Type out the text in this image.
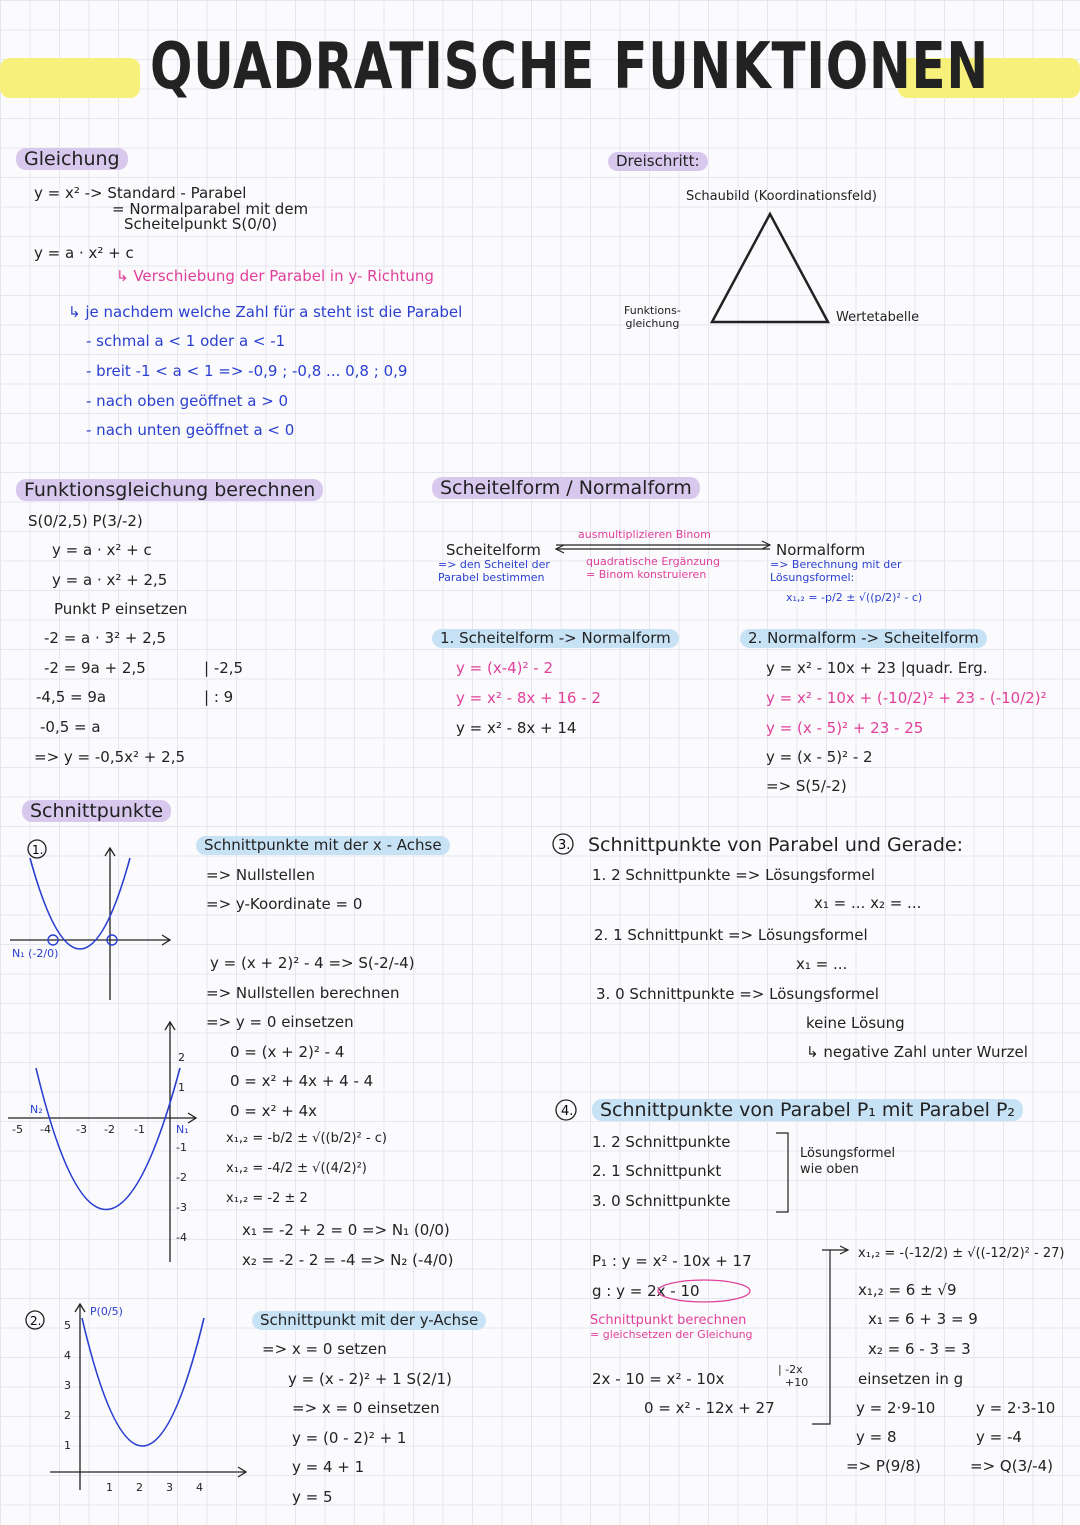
QUADRATISCHE FUNKTIONEN
Gleichung
y = x² -> Standard - Parabel
= Normalparabel mit dem
Scheitelpunkt S(0/0)
y = a · x² + c
↳ Verschiebung der Parabel in y- Richtung
↳ je nachdem welche Zahl für a steht ist die Parabel
- schmal a < 1 oder a < -1
- breit -1 < a < 1 => -0,9 ; -0,8 ... 0,8 ; 0,9
- nach oben geöffnet a > 0
- nach unten geöffnet a < 0
Dreischritt:
Schaubild (Koordinationsfeld)
Funktions-
gleichung	Wertetabelle
Funktionsgleichung berechnen
S(0/2,5) P(3/-2)
y = a · x² + c
y = a · x² + 2,5
Punkt P einsetzen
-2 = a · 3² + 2,5
-2 = 9a + 2,5
-4,5 = 9a
-0,5 = a
=> y = -0,5x² + 2,5
| -2,5
| : 9
Scheitelform / Normalform
Scheitelform
=> den Scheitel der
Parabel bestimmen
ausmultiplizieren Binom
quadratische Ergänzung
= Binom konstruieren
Normalform
=> Berechnung mit der
Lösungsformel:
x₁,₂ = -p/2 ± √((p/2)² - c)
1. Scheitelform -> Normalform
y = (x-4)² - 2
y = x² - 8x + 16 - 2
y = x² - 8x + 14
2. Normalform -> Scheitelform
y = x² - 10x + 23 |quadr. Erg.
y = x² - 10x + (-10/2)² + 23 - (-10/2)²
y = (x - 5)² + 23 - 25
y = (x - 5)² - 2
=> S(5/-2)
Schnittpunkte
1.
N₁ (-2/0)
Schnittpunkte mit der x - Achse
=> Nullstellen
=> y-Koordinate = 0
y = (x + 2)² - 4 => S(-2/-4)
=> Nullstellen berechnen
=> y = 0 einsetzen
0 = (x + 2)² - 4
0 = x² + 4x + 4 - 4
0 = x² + 4x
x₁,₂ = -b/2 ± √((b/2)² - c)
x₁,₂ = -4/2 ± √((4/2)²)
x₁,₂ = -2 ± 2
x₁ = -2 + 2 = 0 => N₁ (0/0)
x₂ = -2 - 2 = -4 => N₂ (-4/0)
-5 -4 -3 -2 -1
2
1
-1
-2
-3
-4
N₂
N₁
2.
P(0/5)
1 2 3 4
5
4
3
2
1
Schnittpunkt mit der y-Achse
=> x = 0 setzen
y = (x - 2)² + 1 S(2/1)
=> x = 0 einsetzen
y = (0 - 2)² + 1
y = 4 + 1
y = 5
3.
4.
Schnittpunkte von Parabel und Gerade:
1. 2 Schnittpunkte => Lösungsformel
x₁ = ... x₂ = ...
2. 1 Schnittpunkt => Lösungsformel
x₁ = ...
3. 0 Schnittpunkte => Lösungsformel
keine Lösung
↳ negative Zahl unter Wurzel
Schnittpunkte von Parabel P₁ mit Parabel P₂
1. 2 Schnittpunkte
2. 1 Schnittpunkt
3. 0 Schnittpunkte
Lösungsformel
wie oben
P₁ : y = x² - 10x + 17
g : y = 2x - 10
Schnittpunkt berechnen
= gleichsetzen der Gleichung
2x - 10 = x² - 10x
| -2x
+10
0 = x² - 12x + 27
x₁,₂ = -(-12/2) ± √((-12/2)² - 27)
x₁,₂ = 6 ± √9
x₁ = 6 + 3 = 9
x₂ = 6 - 3 = 3
einsetzen in g
y = 2·9-10
y = 8
=> P(9/8)
y = 2·3-10
y = -4
=> Q(3/-4)
